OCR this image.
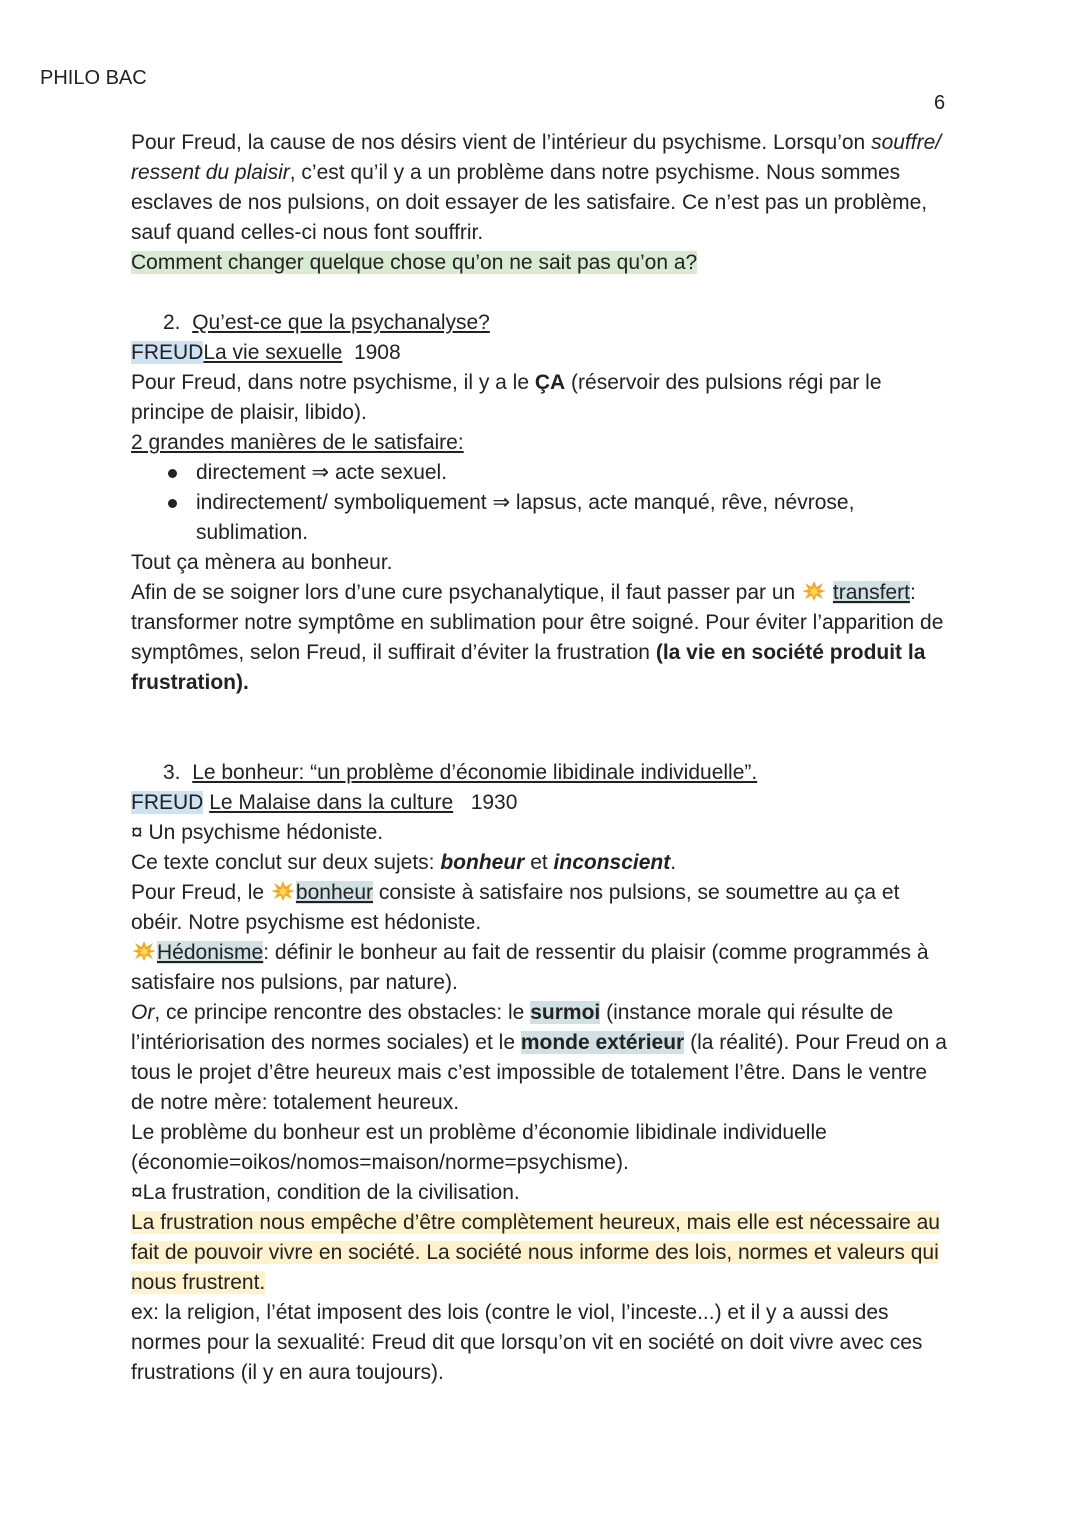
PHILO BAC
6

Pour Freud, la cause de nos désirs vient de l’intérieur du psychisme. Lorsqu’on souffre/ ressent du plaisir, c’est qu’il y a un problème dans notre psychisme. Nous sommes esclaves de nos pulsions, on doit essayer de les satisfaire. Ce n’est pas un problème, sauf quand celles-ci nous font souffrir.

Comment changer quelque chose qu’on ne sait pas qu’on a?

2. Qu’est-ce que la psychanalyse?

FREUDLa vie sexuelle 1908

Pour Freud, dans notre psychisme, il y a le ÇA (réservoir des pulsions régi par le principe de plaisir, libido).

2 grandes manières de le satisfaire:

directement ⇒ acte sexuel.
indirectement/ symboliquement ⇒ lapsus, acte manqué, rêve, névrose, sublimation.

Tout ça mènera au bonheur.

Afin de se soigner lors d’une cure psychanalytique, il faut passer par un transfert: transformer notre symptôme en sublimation pour être soigné. Pour éviter l’apparition de symptômes, selon Freud, il suffirait d’éviter la frustration (la vie en société produit la frustration).

3. Le bonheur: “un problème d’économie libidinale individuelle”.

FREUD Le Malaise dans la culture 1930

¤ Un psychisme hédoniste.

Ce texte conclut sur deux sujets: bonheur et inconscient.

Pour Freud, le bonheur consiste à satisfaire nos pulsions, se soumettre au ça et obéir. Notre psychisme est hédoniste.

Hédonisme: définir le bonheur au fait de ressentir du plaisir (comme programmés à satisfaire nos pulsions, par nature).

Or, ce principe rencontre des obstacles: le surmoi (instance morale qui résulte de l’intériorisation des normes sociales) et le monde extérieur (la réalité). Pour Freud on a tous le projet d’être heureux mais c’est impossible de totalement l’être. Dans le ventre de notre mère: totalement heureux.

Le problème du bonheur est un problème d’économie libidinale individuelle (économie=oikos/nomos=maison/norme=psychisme).

¤La frustration, condition de la civilisation.

La frustration nous empêche d’être complètement heureux, mais elle est nécessaire au fait de pouvoir vivre en société. La société nous informe des lois, normes et valeurs qui nous frustrent.

ex: la religion, l’état imposent des lois (contre le viol, l’inceste...) et il y a aussi des normes pour la sexualité: Freud dit que lorsqu’on vit en société on doit vivre avec ces frustrations (il y en aura toujours).
